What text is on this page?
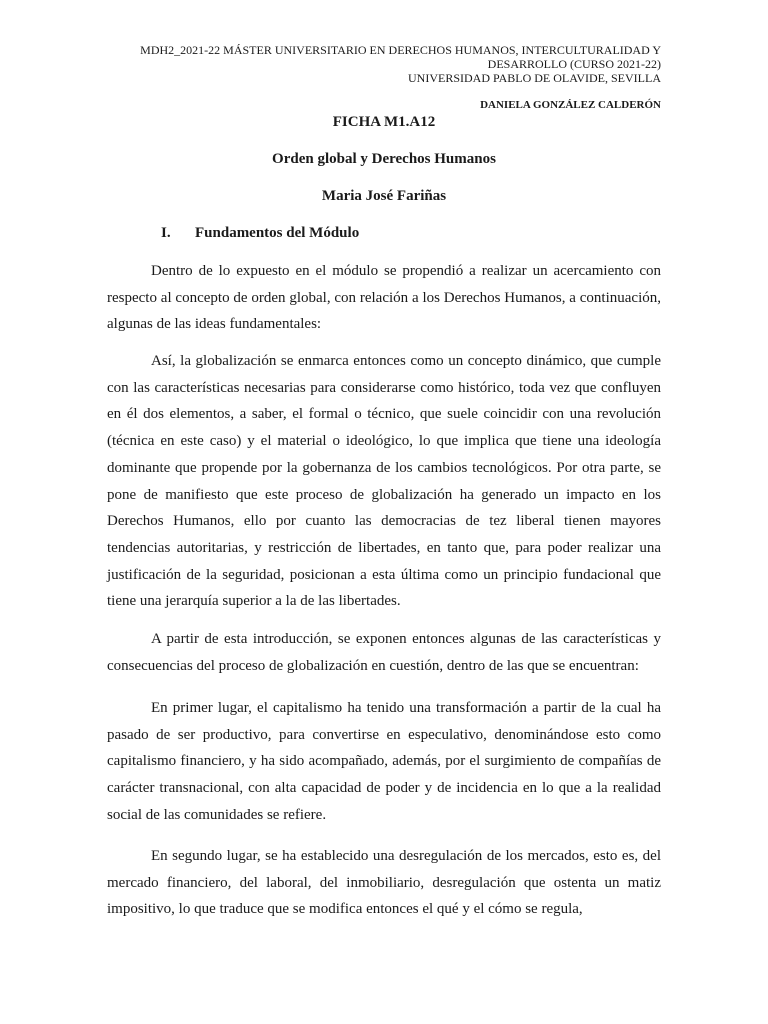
MDH2_2021-22 MÁSTER UNIVERSITARIO EN DERECHOS HUMANOS, INTERCULTURALIDAD Y
DESARROLLO (CURSO 2021-22)
UNIVERSIDAD PABLO DE OLAVIDE, SEVILLA
DANIELA GONZÁLEZ CALDERÓN
FICHA M1.A12
Orden global y Derechos Humanos
Maria José Fariñas
I. Fundamentos del Módulo

Dentro de lo expuesto en el módulo se propendió a realizar un acercamiento con respecto al concepto de orden global, con relación a los Derechos Humanos, a continuación, algunas de las ideas fundamentales:

Así, la globalización se enmarca entonces como un concepto dinámico, que cumple con las características necesarias para considerarse como histórico, toda vez que confluyen en él dos elementos, a saber, el formal o técnico, que suele coincidir con una revolución (técnica en este caso) y el material o ideológico, lo que implica que tiene una ideología dominante que propende por la gobernanza de los cambios tecnológicos. Por otra parte, se pone de manifiesto que este proceso de globalización ha generado un impacto en los Derechos Humanos, ello por cuanto las democracias de tez liberal tienen mayores tendencias autoritarias, y restricción de libertades, en tanto que, para poder realizar una justificación de la seguridad, posicionan a esta última como un principio fundacional que tiene una jerarquía superior a la de las libertades.

A partir de esta introducción, se exponen entonces algunas de las características y consecuencias del proceso de globalización en cuestión, dentro de las que se encuentran:

En primer lugar, el capitalismo ha tenido una transformación a partir de la cual ha pasado de ser productivo, para convertirse en especulativo, denominándose esto como capitalismo financiero, y ha sido acompañado, además, por el surgimiento de compañías de carácter transnacional, con alta capacidad de poder y de incidencia en lo que a la realidad social de las comunidades se refiere.

En segundo lugar, se ha establecido una desregulación de los mercados, esto es, del mercado financiero, del laboral, del inmobiliario, desregulación que ostenta un matiz impositivo, lo que traduce que se modifica entonces el qué y el cómo se regula,
